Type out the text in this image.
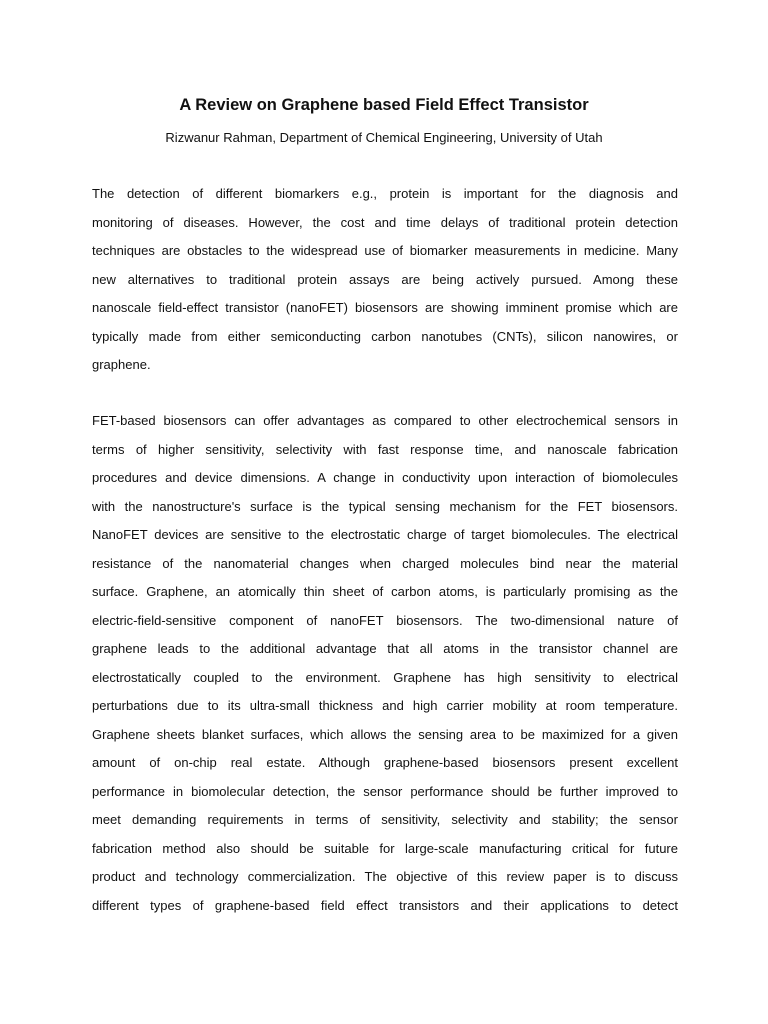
A Review on Graphene based Field Effect Transistor
Rizwanur Rahman, Department of Chemical Engineering, University of Utah
The detection of different biomarkers e.g., protein is important for the diagnosis and
monitoring of diseases. However, the cost and time delays of traditional protein detection
techniques are obstacles to the widespread use of biomarker measurements in medicine. Many
new alternatives to traditional protein assays are being actively pursued. Among these
nanoscale field-effect transistor (nanoFET) biosensors are showing imminent promise which are
typically made from either semiconducting carbon nanotubes (CNTs), silicon nanowires, or
graphene.
FET-based biosensors can offer advantages as compared to other electrochemical sensors in
terms of higher sensitivity, selectivity with fast response time, and nanoscale fabrication
procedures and device dimensions. A change in conductivity upon interaction of biomolecules
with the nanostructure's surface is the typical sensing mechanism for the FET biosensors.
NanoFET devices are sensitive to the electrostatic charge of target biomolecules. The electrical
resistance of the nanomaterial changes when charged molecules bind near the material
surface. Graphene, an atomically thin sheet of carbon atoms, is particularly promising as the
electric-field-sensitive component of nanoFET biosensors. The two-dimensional nature of
graphene leads to the additional advantage that all atoms in the transistor channel are
electrostatically coupled to the environment. Graphene has high sensitivity to electrical
perturbations due to its ultra-small thickness and high carrier mobility at room temperature.
Graphene sheets blanket surfaces, which allows the sensing area to be maximized for a given
amount of on-chip real estate. Although graphene-based biosensors present excellent
performance in biomolecular detection, the sensor performance should be further improved to
meet demanding requirements in terms of sensitivity, selectivity and stability; the sensor
fabrication method also should be suitable for large-scale manufacturing critical for future
product and technology commercialization. The objective of this review paper is to discuss
different types of graphene-based field effect transistors and their applications to detect
